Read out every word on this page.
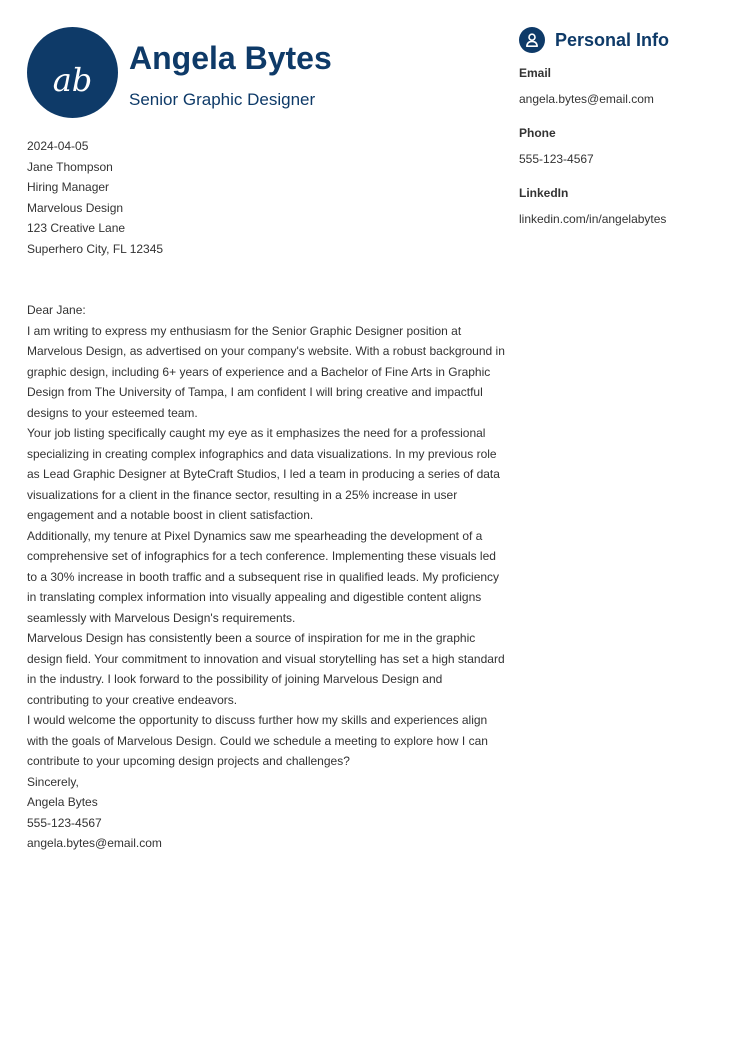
ab
Angela Bytes
Senior Graphic Designer

2024-04-05

Jane Thompson

Hiring Manager

Marvelous Design

123 Creative Lane

Superhero City, FL 12345

Dear Jane:

I am writing to express my enthusiasm for the Senior Graphic Designer position at Marvelous Design, as advertised on your company's website. With a robust background in graphic design, including 6+ years of experience and a Bachelor of Fine Arts in Graphic Design from The University of Tampa, I am confident I will bring creative and impactful designs to your esteemed team.

Your job listing specifically caught my eye as it emphasizes the need for a professional specializing in creating complex infographics and data visualizations. In my previous role as Lead Graphic Designer at ByteCraft Studios, I led a team in producing a series of data visualizations for a client in the finance sector, resulting in a 25% increase in user engagement and a notable boost in client satisfaction.

Additionally, my tenure at Pixel Dynamics saw me spearheading the development of a comprehensive set of infographics for a tech conference. Implementing these visuals led to a 30% increase in booth traffic and a subsequent rise in qualified leads. My proficiency in translating complex information into visually appealing and digestible content aligns seamlessly with Marvelous Design's requirements.

Marvelous Design has consistently been a source of inspiration for me in the graphic design field. Your commitment to innovation and visual storytelling has set a high standard in the industry. I look forward to the possibility of joining Marvelous Design and contributing to your creative endeavors.

I would welcome the opportunity to discuss further how my skills and experiences align with the goals of Marvelous Design. Could we schedule a meeting to explore how I can contribute to your upcoming design projects and challenges?

Sincerely,

Angela Bytes

555-123-4567

angela.bytes@email.com

Personal Info
Email
angela.bytes@email.com
Phone
555-123-4567
LinkedIn
linkedin.com/in/angelabytes
